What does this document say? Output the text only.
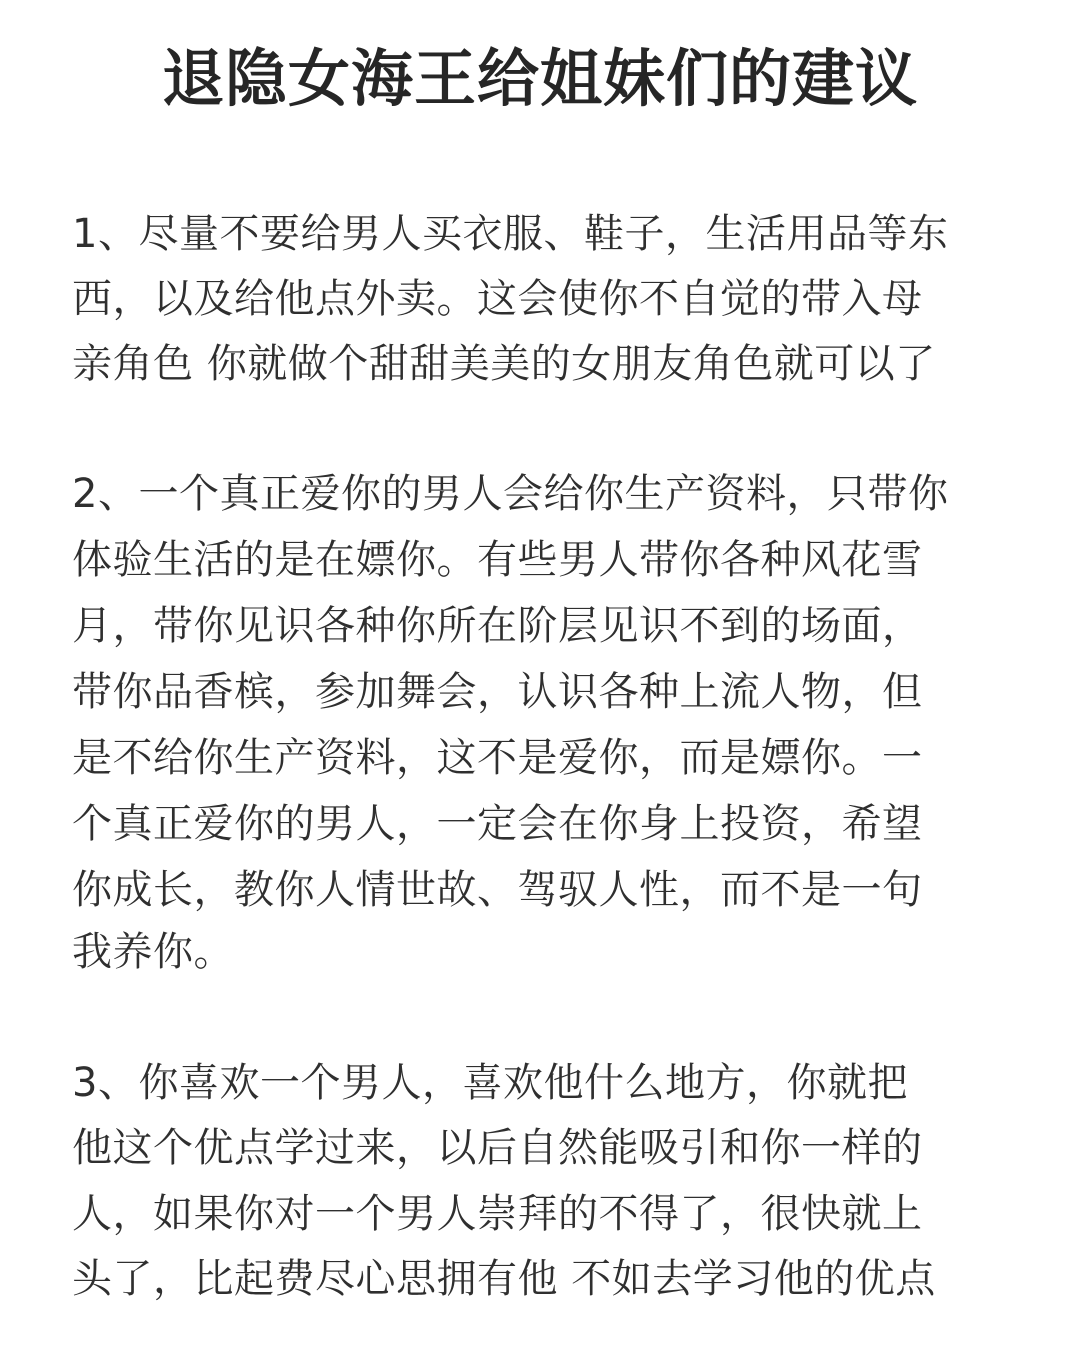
退隐女海王给姐妹们的建议
1、尽量不要给男人买衣服、鞋子，生活用品等东
西，以及给他点外卖。这会使你不自觉的带入母
亲角色 你就做个甜甜美美的女朋友角色就可以了
2、一个真正爱你的男人会给你生产资料，只带你
体验生活的是在嫖你。有些男人带你各种风花雪
月，带你见识各种你所在阶层见识不到的场面，
带你品香槟，参加舞会，认识各种上流人物，但
是不给你生产资料，这不是爱你，而是嫖你。一
个真正爱你的男人，一定会在你身上投资，希望
你成长，教你人情世故、驾驭人性，而不是一句
我养你。
3、你喜欢一个男人，喜欢他什么地方，你就把
他这个优点学过来，以后自然能吸引和你一样的
人，如果你对一个男人崇拜的不得了，很快就上
头了，比起费尽心思拥有他 不如去学习他的优点
